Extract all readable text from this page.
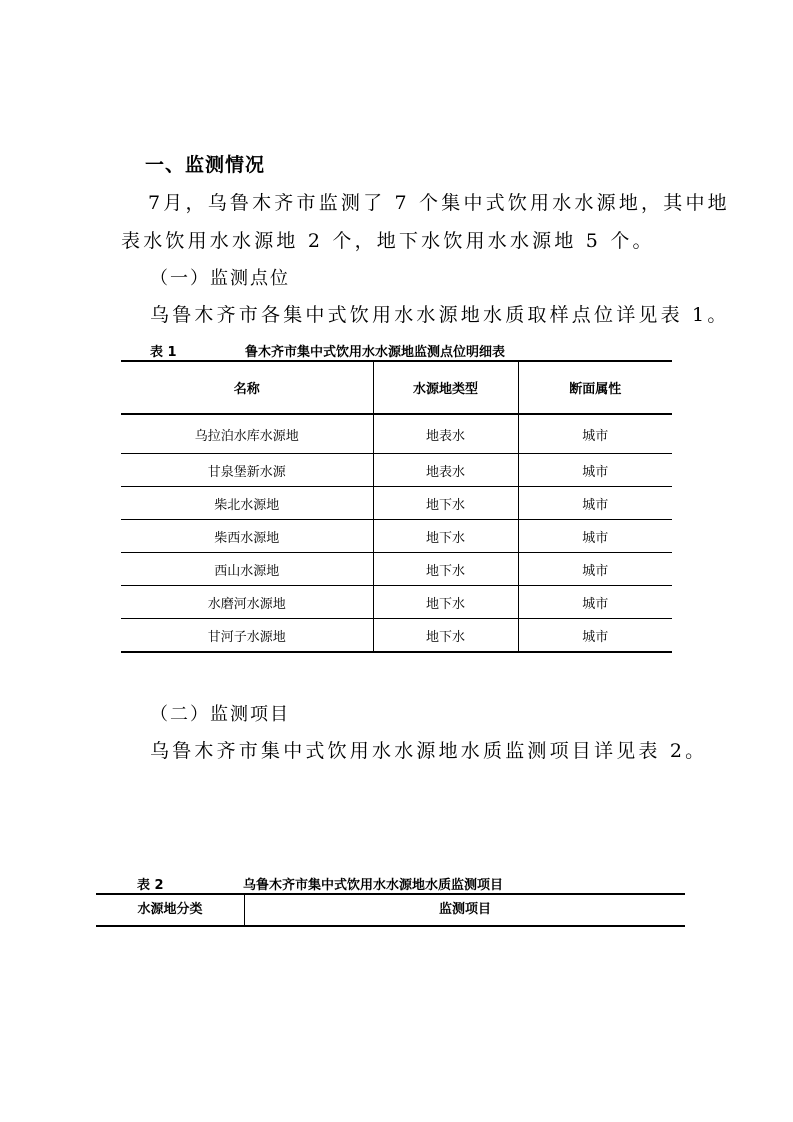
一、监测情况
7月，乌鲁木齐市监测了 7 个集中式饮用水水源地，其中地
表水饮用水水源地 2 个，地下水饮用水水源地 5 个。
（一）监测点位
乌鲁木齐市各集中式饮用水水源地水质取样点位详见表 1。
表 1	鲁木齐市集中式饮用水水源地监测点位明细表
名称	水源地类型	断面属性
乌拉泊水库水源地	地表水	城市
甘泉堡新水源	地表水	城市
柴北水源地	地下水	城市
柴西水源地	地下水	城市
西山水源地	地下水	城市
水磨河水源地	地下水	城市
甘河子水源地	地下水	城市
（二）监测项目
乌鲁木齐市集中式饮用水水源地水质监测项目详见表 2。
表 2	乌鲁木齐市集中式饮用水水源地水质监测项目
水源地分类	监测项目
